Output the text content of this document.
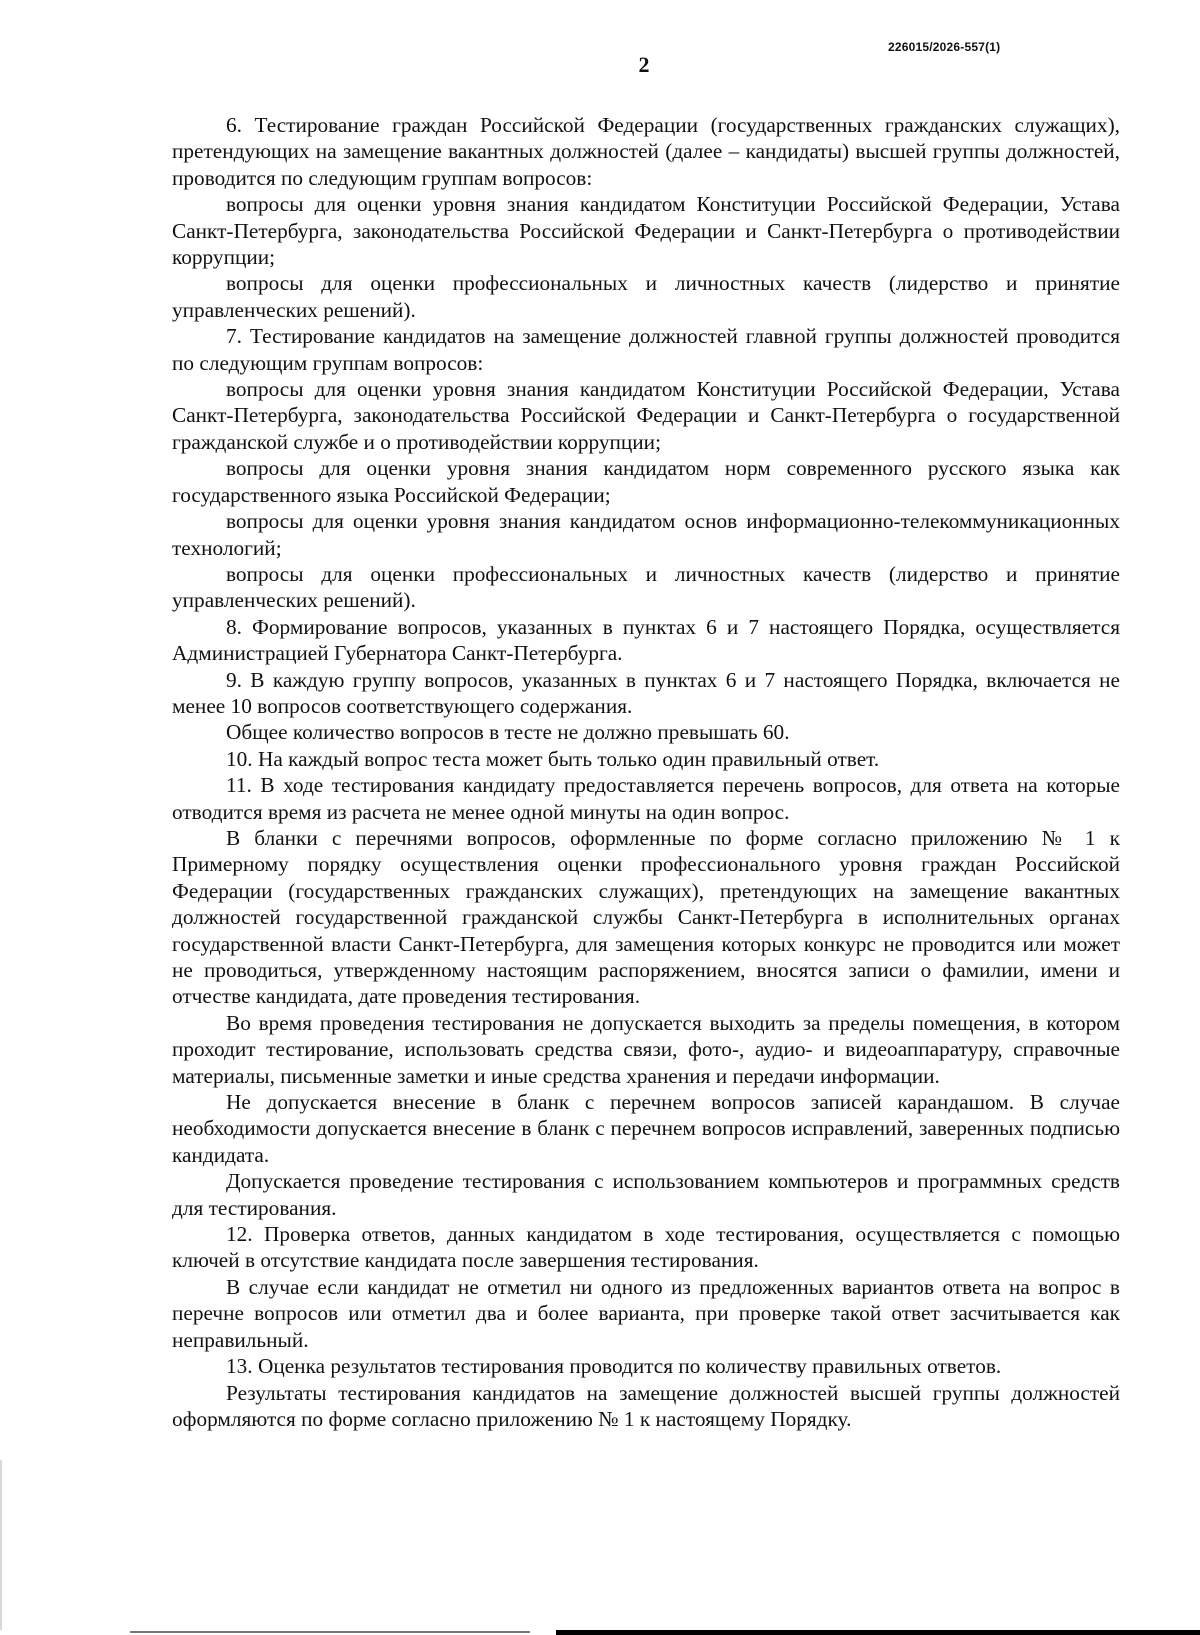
2
226015/2026-557(1)

6. Тестирование граждан Российской Федерации (государственных гражданских служащих), претендующих на замещение вакантных должностей (далее – кандидаты) высшей группы должностей, проводится по следующим группам вопросов:

вопросы для оценки уровня знания кандидатом Конституции Российской Федерации, Устава Санкт-Петербурга, законодательства Российской Федерации и Санкт-Петербурга о противодействии коррупции;

вопросы для оценки профессиональных и личностных качеств (лидерство и принятие управленческих решений).

7. Тестирование кандидатов на замещение должностей главной группы должностей проводится по следующим группам вопросов:

вопросы для оценки уровня знания кандидатом Конституции Российской Федерации, Устава Санкт-Петербурга, законодательства Российской Федерации и Санкт-Петербурга о государственной гражданской службе и о противодействии коррупции;

вопросы для оценки уровня знания кандидатом норм современного русского языка как государственного языка Российской Федерации;

вопросы для оценки уровня знания кандидатом основ информационно-телекоммуникационных технологий;

вопросы для оценки профессиональных и личностных качеств (лидерство и принятие управленческих решений).

8. Формирование вопросов, указанных в пунктах 6 и 7 настоящего Порядка, осуществляется Администрацией Губернатора Санкт-Петербурга.

9. В каждую группу вопросов, указанных в пунктах 6 и 7 настоящего Порядка, включается не менее 10 вопросов соответствующего содержания.

Общее количество вопросов в тесте не должно превышать 60.

10. На каждый вопрос теста может быть только один правильный ответ.

11. В ходе тестирования кандидату предоставляется перечень вопросов, для ответа на которые отводится время из расчета не менее одной минуты на один вопрос.

В бланки с перечнями вопросов, оформленные по форме согласно приложению № 1 к Примерному порядку осуществления оценки профессионального уровня граждан Российской Федерации (государственных гражданских служащих), претендующих на замещение вакантных должностей государственной гражданской службы Санкт-Петербурга в исполнительных органах государственной власти Санкт-Петербурга, для замещения которых конкурс не проводится или может не проводиться, утвержденному настоящим распоряжением, вносятся записи о фамилии, имени и отчестве кандидата, дате проведения тестирования.

Во время проведения тестирования не допускается выходить за пределы помещения, в котором проходит тестирование, использовать средства связи, фото-, аудио- и видеоаппаратуру, справочные материалы, письменные заметки и иные средства хранения и передачи информации.

Не допускается внесение в бланк с перечнем вопросов записей карандашом. В случае необходимости допускается внесение в бланк с перечнем вопросов исправлений, заверенных подписью кандидата.

Допускается проведение тестирования с использованием компьютеров и программных средств для тестирования.

12. Проверка ответов, данных кандидатом в ходе тестирования, осуществляется с помощью ключей в отсутствие кандидата после завершения тестирования.

В случае если кандидат не отметил ни одного из предложенных вариантов ответа на вопрос в перечне вопросов или отметил два и более варианта, при проверке такой ответ засчитывается как неправильный.

13. Оценка результатов тестирования проводится по количеству правильных ответов.

Результаты тестирования кандидатов на замещение должностей высшей группы должностей оформляются по форме согласно приложению № 1 к настоящему Порядку.
